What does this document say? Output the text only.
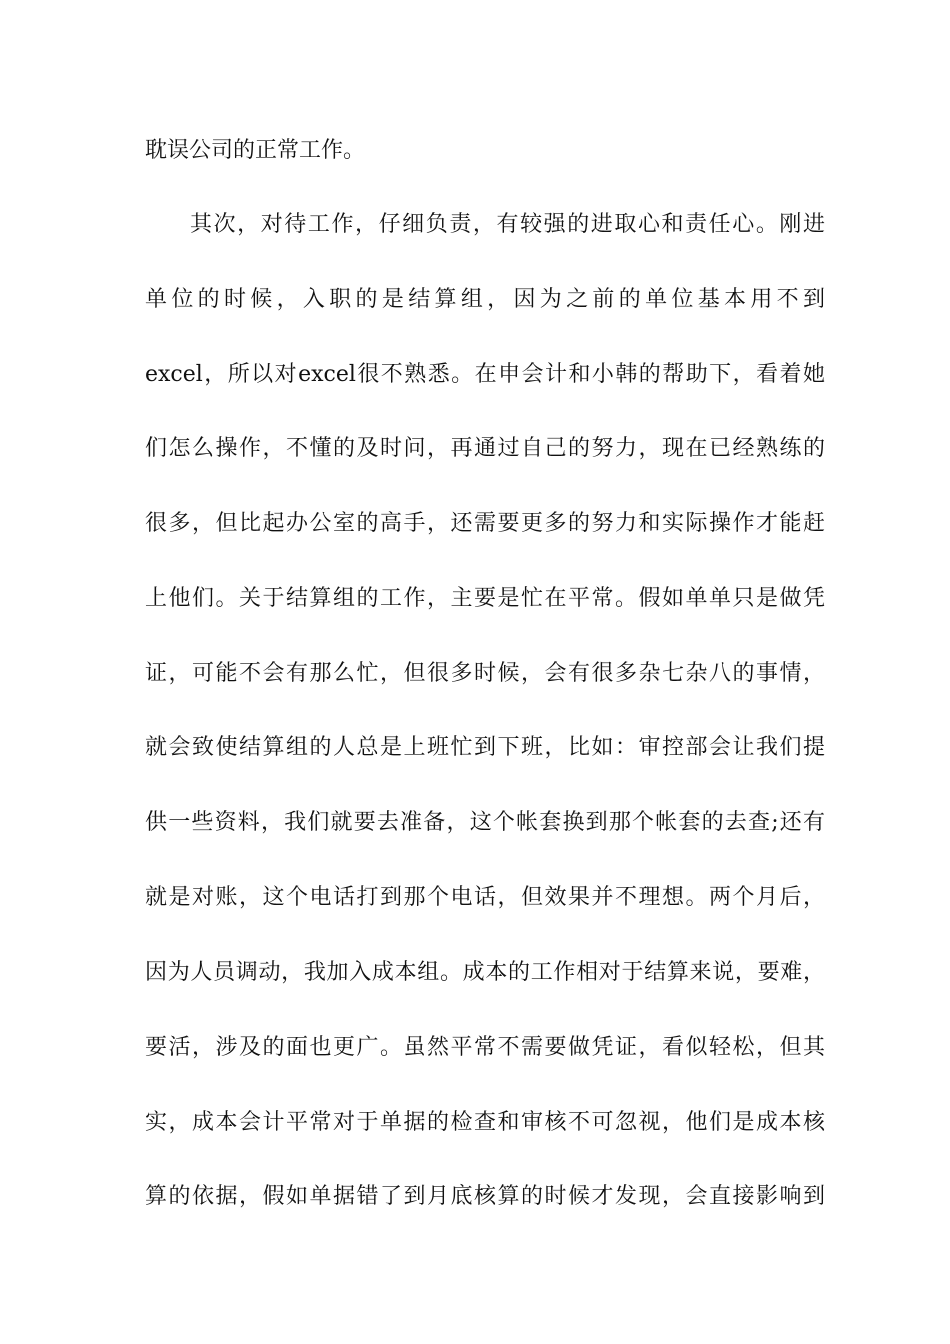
耽误公司的正常工作。
其次，对待工作，仔细负责，有较强的进取心和责任心。刚进
单位的时候，入职的是结算组，因为之前的单位基本用不到
excel，所以对excel很不熟悉。在申会计和小韩的帮助下，看着她
们怎么操作，不懂的及时问，再通过自己的努力，现在已经熟练的
很多，但比起办公室的高手，还需要更多的努力和实际操作才能赶
上他们。关于结算组的工作，主要是忙在平常。假如单单只是做凭
证，可能不会有那么忙，但很多时候，会有很多杂七杂八的事情，
就会致使结算组的人总是上班忙到下班，比如：审控部会让我们提
供一些资料，我们就要去准备，这个帐套换到那个帐套的去查;还有
就是对账，这个电话打到那个电话，但效果并不理想。两个月后，
因为人员调动，我加入成本组。成本的工作相对于结算来说，要难，
要活，涉及的面也更广。虽然平常不需要做凭证，看似轻松，但其
实，成本会计平常对于单据的检查和审核不可忽视，他们是成本核
算的依据，假如单据错了到月底核算的时候才发现，会直接影响到
